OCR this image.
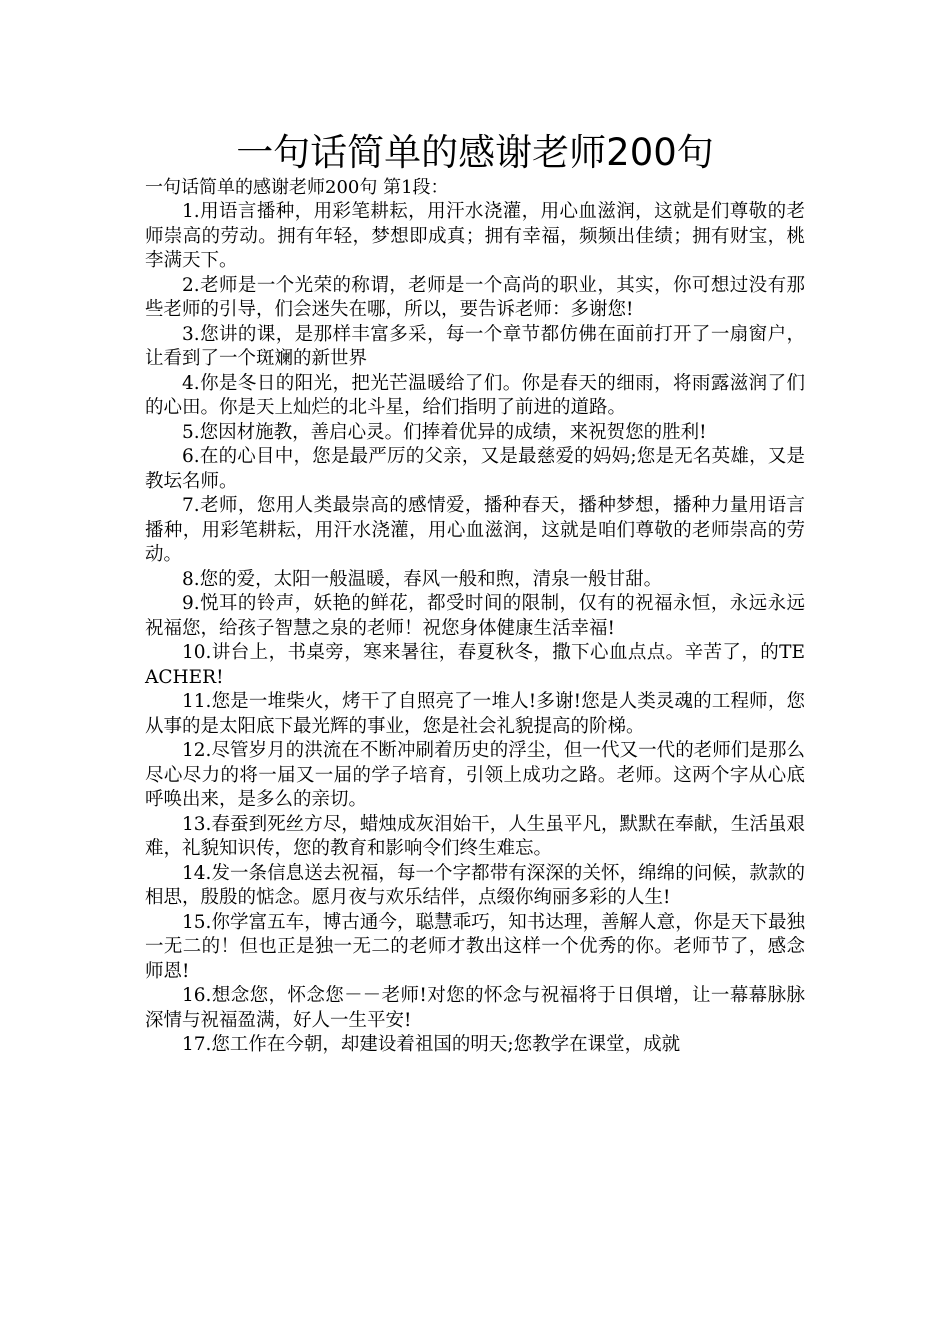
一句话简单的感谢老师200句
一句话简单的感谢老师200句 第1段：

1.用语言播种，用彩笔耕耘，用汗水浇灌，用心血滋润，这就是们尊敬的老师崇高的劳动。拥有年轻，梦想即成真；拥有幸福，频频出佳绩；拥有财宝，桃李满天下。

2.老师是一个光荣的称谓，老师是一个高尚的职业，其实，你可想过没有那些老师的引导，们会迷失在哪，所以，要告诉老师：多谢您!

3.您讲的课，是那样丰富多采，每一个章节都仿佛在面前打开了一扇窗户，让看到了一个斑斓的新世界

4.你是冬日的阳光，把光芒温暖给了们。你是春天的细雨，将雨露滋润了们的心田。你是天上灿烂的北斗星，给们指明了前进的道路。

5.您因材施教，善启心灵。们捧着优异的成绩，来祝贺您的胜利!

6.在的心目中，您是最严厉的父亲，又是最慈爱的妈妈;您是无名英雄，又是教坛名师。

7.老师，您用人类最崇高的感情爱，播种春天，播种梦想，播种力量用语言播种，用彩笔耕耘，用汗水浇灌，用心血滋润，这就是咱们尊敬的老师崇高的劳动。

8.您的爱，太阳一般温暖，春风一般和煦，清泉一般甘甜。

9.悦耳的铃声，妖艳的鲜花，都受时间的限制，仅有的祝福永恒，永远永远祝福您，给孩子智慧之泉的老师！祝您身体健康生活幸福!

10.讲台上，书桌旁，寒来暑往，春夏秋冬，撒下心血点点。辛苦了，的TEACHER!

11.您是一堆柴火，烤干了自照亮了一堆人!多谢!您是人类灵魂的工程师，您从事的是太阳底下最光辉的事业，您是社会礼貌提高的阶梯。

12.尽管岁月的洪流在不断冲刷着历史的浮尘，但一代又一代的老师们是那么尽心尽力的将一届又一届的学子培育，引领上成功之路。老师。这两个字从心底呼唤出来，是多么的亲切。

13.春蚕到死丝方尽，蜡烛成灰泪始干，人生虽平凡，默默在奉献，生活虽艰难，礼貌知识传，您的教育和影响令们终生难忘。

14.发一条信息送去祝福，每一个字都带有深深的关怀，绵绵的问候，款款的相思，殷殷的惦念。愿月夜与欢乐结伴，点缀你绚丽多彩的人生!

15.你学富五车，博古通今，聪慧乖巧，知书达理，善解人意，你是天下最独一无二的！但也正是独一无二的老师才教出这样一个优秀的你。老师节了，感念师恩!

16.想念您，怀念您－－老师!对您的怀念与祝福将于日俱增，让一幕幕脉脉深情与祝福盈满，好人一生平安!

17.您工作在今朝，却建设着祖国的明天;您教学在课堂，成就
